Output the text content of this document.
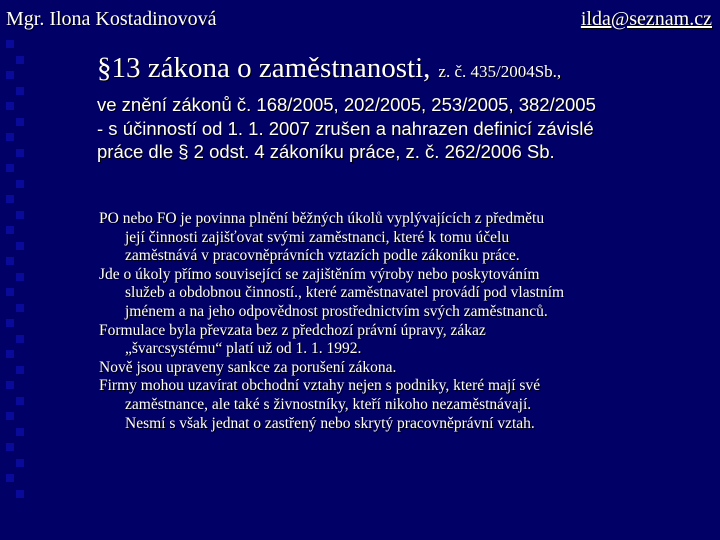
Mgr. Ilona Kostadinovová	ilda@seznam.cz
§13 zákona o zaměstnanosti, z. č. 435/2004Sb.,
ve znění zákonů č. 168/2005, 202/2005, 253/2005, 382/2005
- s účinností od 1. 1. 2007 zrušen a nahrazen definicí závislé
práce dle § 2 odst. 4 zákoníku práce, z. č. 262/2006 Sb.
PO nebo FO je povinna plnění běžných úkolů vyplývajících z předmětu
její činnosti zajišťovat svými zaměstnanci, které k tomu účelu
zaměstnává v pracovněprávních vztazích podle zákoníku práce.
Jde o úkoly přímo související se zajištěním výroby nebo poskytováním
služeb a obdobnou činností., které zaměstnavatel provádí pod vlastním
jménem a na jeho odpovědnost prostřednictvím svých zaměstnanců.
Formulace byla převzata bez z předchozí právní úpravy, zákaz
„švarcsystému“ platí už od 1. 1. 1992.
Nově jsou upraveny sankce za porušení zákona.
Firmy mohou uzavírat obchodní vztahy nejen s podniky, které mají své
zaměstnance, ale také s živnostníky, kteří nikoho nezaměstnávají.
Nesmí s však jednat o zastřený nebo skrytý pracovněprávní vztah.
